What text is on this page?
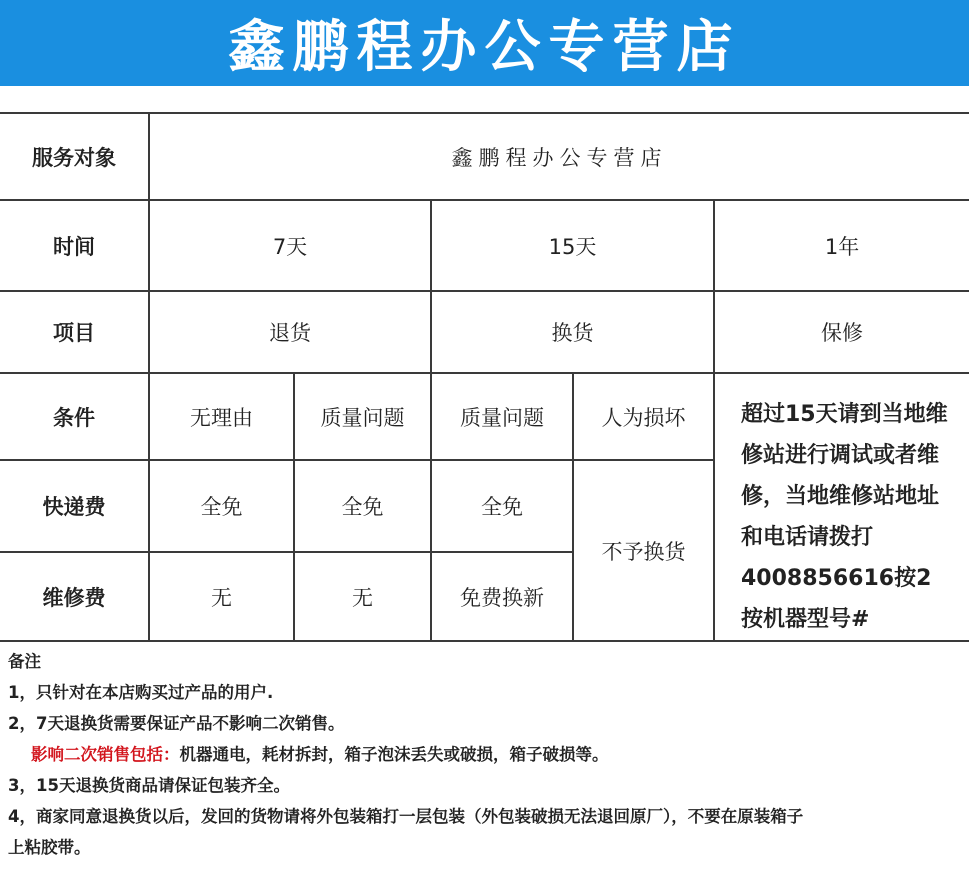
鑫鹏程办公专营店
服务对象	鑫鹏程办公专营店				
时间	7天		15天		1年
项目	退货		换货		保修
条件	无理由	质量问题	质量问题	人为损坏	超过15天请到当地维修站进行调试或者维修，当地维修站地址和电话请拨打4008856616按2按机器型号#
快递费	全免	全免	全免	不予换货	
维修费	无	无	免费换新		
备注
1，只针对在本店购买过产品的用户.
2，7天退换货需要保证产品不影响二次销售。
影响二次销售包括：机器通电，耗材拆封，箱子泡沫丢失或破损，箱子破损等。
3，15天退换货商品请保证包装齐全。
4，商家同意退换货以后，发回的货物请将外包装箱打一层包装（外包装破损无法退回原厂），不要在原装箱子
上粘胶带。
